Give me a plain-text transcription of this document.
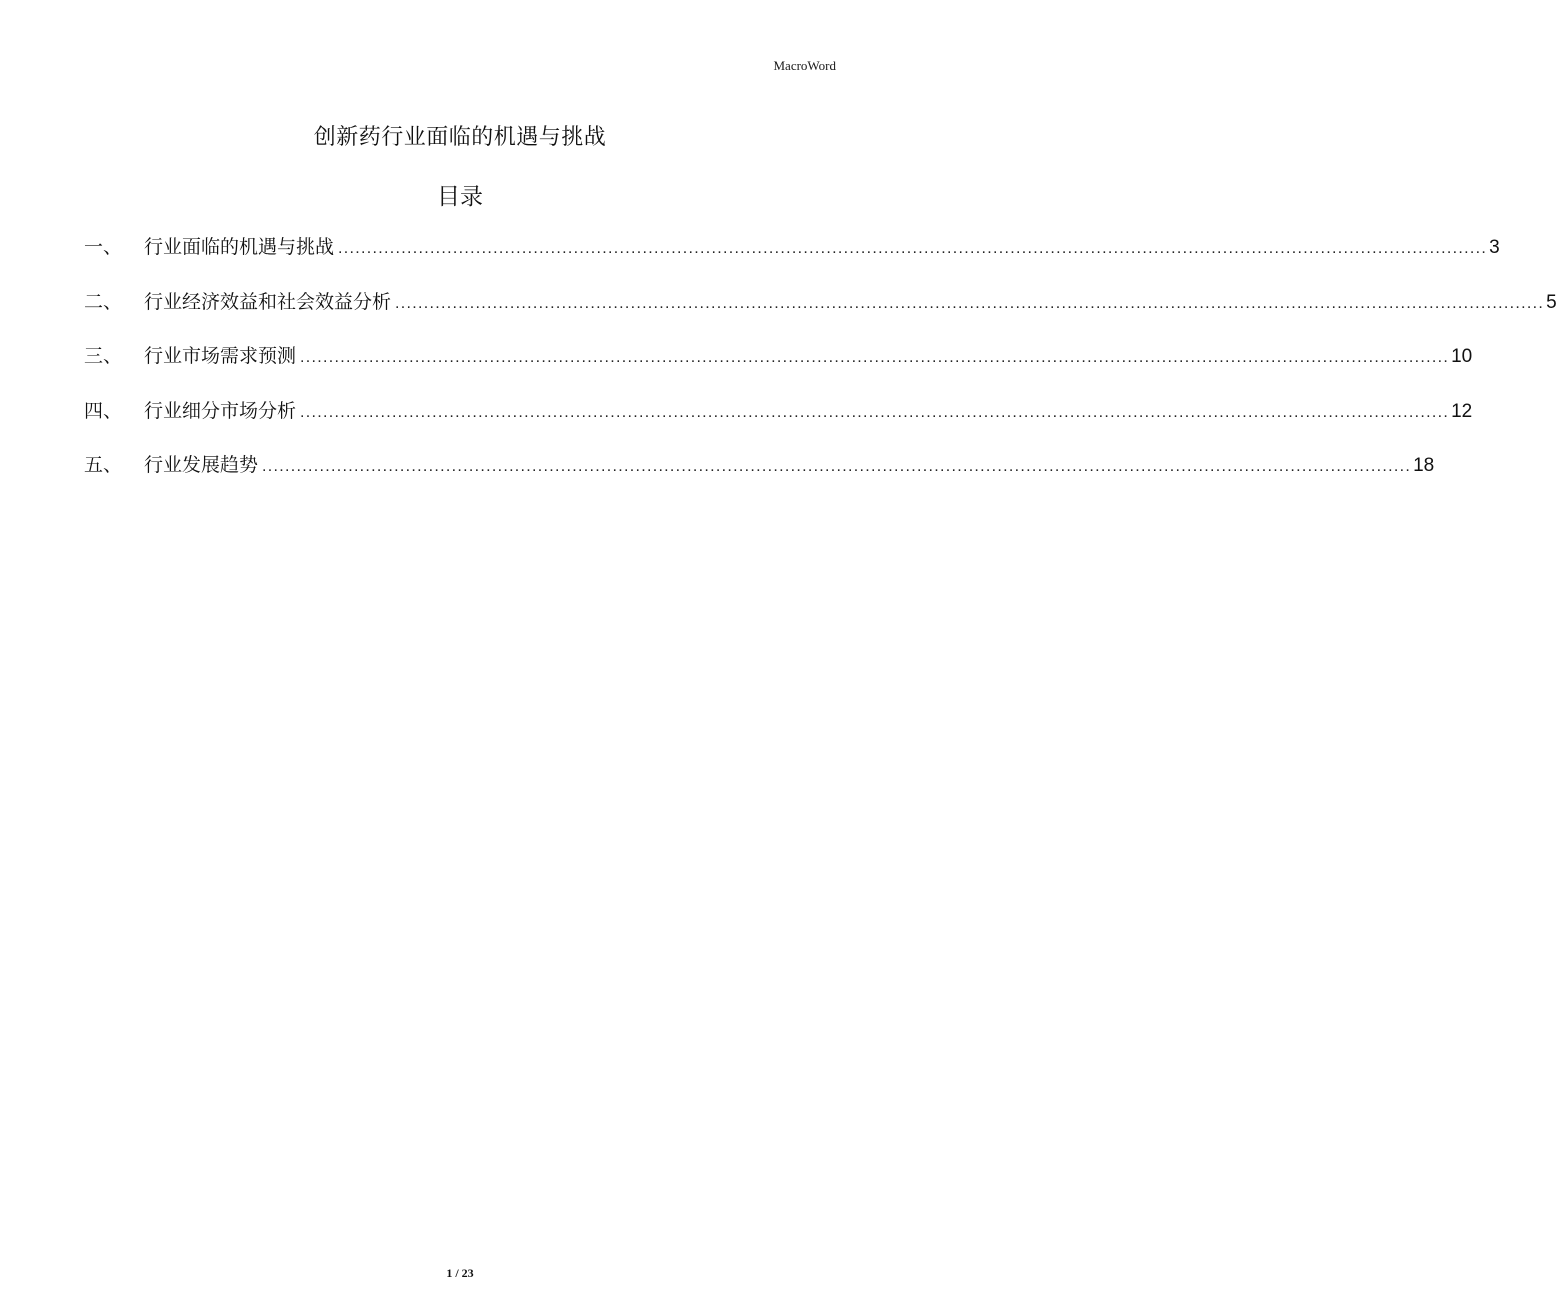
MacroWord
创新药行业面临的机遇与挑战
目录
一、	行业面临的机遇与挑战 ........................................................................................................................................................................................................ 3
二、	行业经济效益和社会效益分析 ........................................................................................................................................................................................................ 5
三、	行业市场需求预测 ........................................................................................................................................................................................................ 10
四、	行业细分市场分析 ........................................................................................................................................................................................................ 12
五、	行业发展趋势 ........................................................................................................................................................................................................ 18
1 / 23
